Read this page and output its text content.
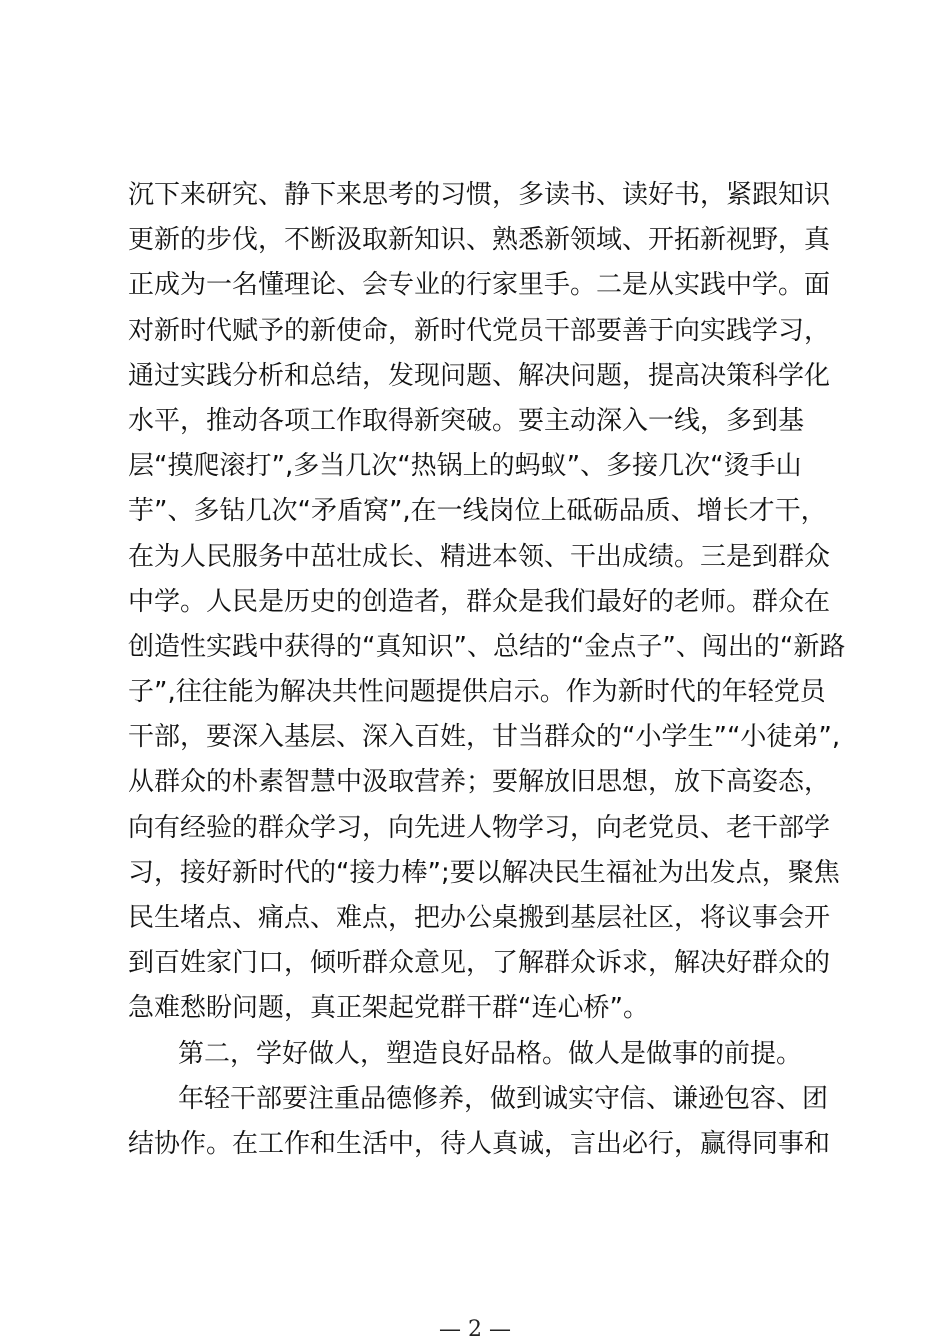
沉下来研究、静下来思考的习惯，多读书、读好书，紧跟知识
更新的步伐，不断汲取新知识、熟悉新领域、开拓新视野，真
正成为一名懂理论、会专业的行家里手。二是从实践中学。面
对新时代赋予的新使命，新时代党员干部要善于向实践学习，
通过实践分析和总结，发现问题、解决问题，提高决策科学化
水平，推动各项工作取得新突破。要主动深入一线，多到基
层“摸爬滚打”,多当几次“热锅上的蚂蚁”、多接几次“烫手山
芋”、多钻几次“矛盾窝”,在一线岗位上砥砺品质、增长才干，
在为人民服务中茁壮成长、精进本领、干出成绩。三是到群众
中学。人民是历史的创造者，群众是我们最好的老师。群众在
创造性实践中获得的“真知识”、总结的“金点子”、闯出的“新路
子”,往往能为解决共性问题提供启示。作为新时代的年轻党员
干部，要深入基层、深入百姓，甘当群众的“小学生”“小徒弟”,
从群众的朴素智慧中汲取营养；要解放旧思想，放下高姿态，
向有经验的群众学习，向先进人物学习，向老党员、老干部学
习，接好新时代的“接力棒”;要以解决民生福祉为出发点，聚焦
民生堵点、痛点、难点，把办公桌搬到基层社区，将议事会开
到百姓家门口，倾听群众意见，了解群众诉求，解决好群众的
急难愁盼问题，真正架起党群干群“连心桥”。
第二，学好做人，塑造良好品格。做人是做事的前提。
年轻干部要注重品德修养，做到诚实守信、谦逊包容、团
结协作。在工作和生活中，待人真诚，言出必行，赢得同事和
— 2 —
